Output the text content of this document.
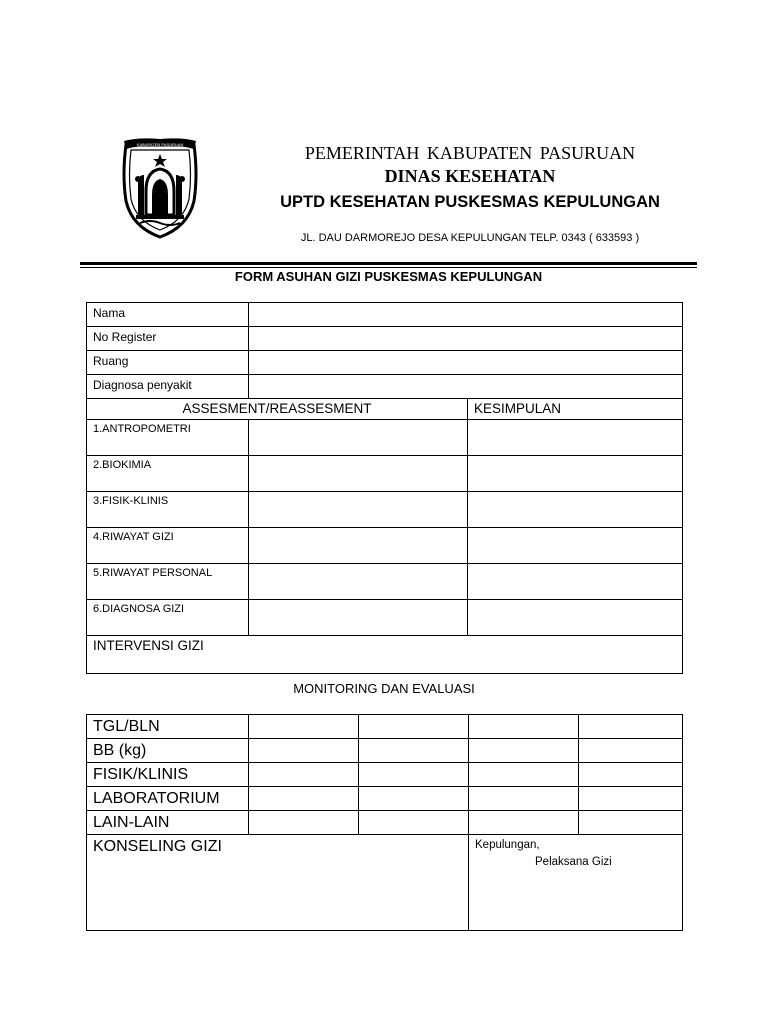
KABUPATEN PASURUAN	PEMERINTAH KABUPATEN PASURUAN
DINAS KESEHATAN
UPTD KESEHATAN PUSKESMAS KEPULUNGAN
JL. DAU DARMOREJO DESA KEPULUNGAN TELP. 0343 ( 633593 )
FORM ASUHAN GIZI PUSKESMAS KEPULUNGAN
Nama		
No Register		
Ruang		
Diagnosa penyakit		
ASSESMENT/REASSESMENT		KESIMPULAN
1.ANTROPOMETRI		
2.BIOKIMIA		
3.FISIK-KLINIS		
4.RIWAYAT GIZI		
5.RIWAYAT PERSONAL		
6.DIAGNOSA GIZI		
INTERVENSI GIZI		
MONITORING DAN EVALUASI
TGL/BLN				
BB (kg)				
FISIK/KLINIS				
LABORATORIUM				
LAIN-LAIN				
KONSELING GIZI			Kepulungan,
Pelaksana Gizi	
